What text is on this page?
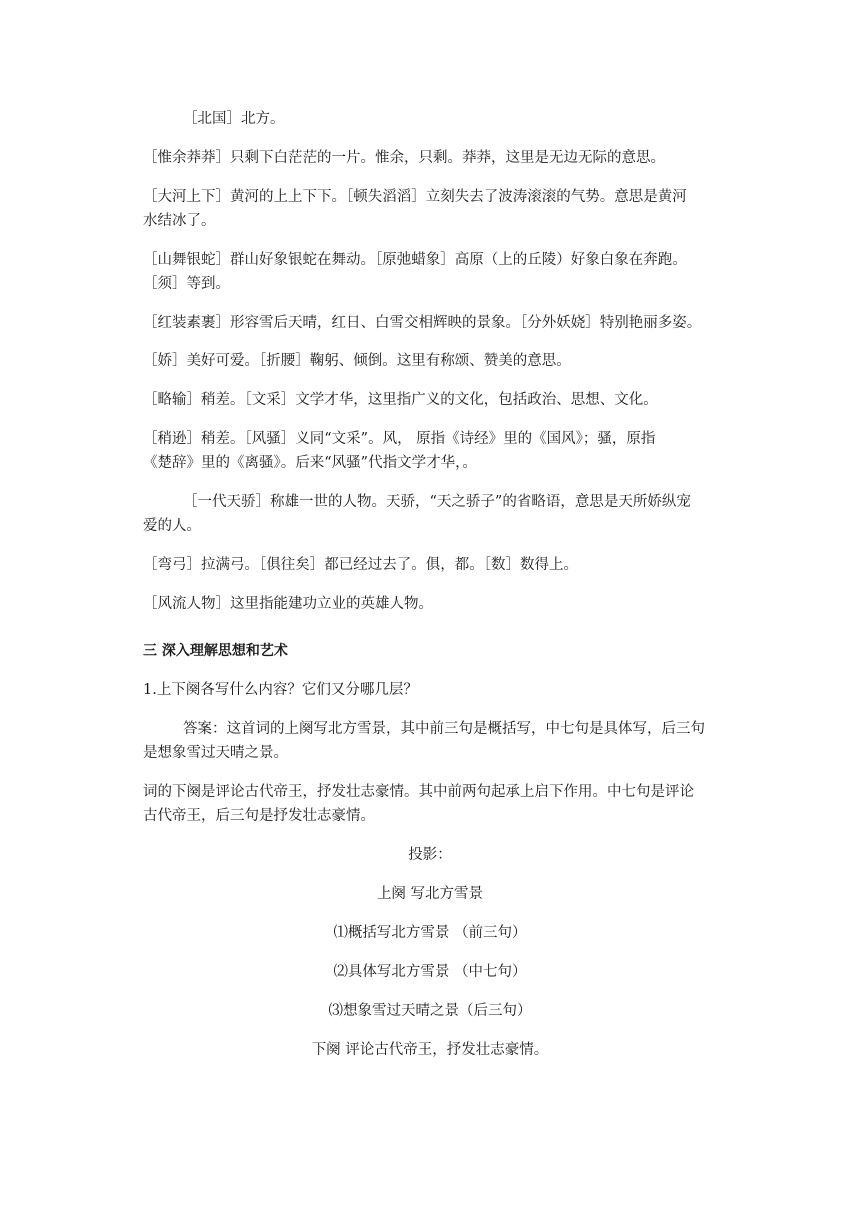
［北国］北方。
［惟余莽莽］只剩下白茫茫的一片。惟余，只剩。莽莽，这里是无边无际的意思。
［大河上下］黄河的上上下下。［顿失滔滔］立刻失去了波涛滚滚的气势。意思是黄河
水结冰了。
［山舞银蛇］群山好象银蛇在舞动。［原弛蜡象］高原（上的丘陵）好象白象在奔跑。
［须］等到。
［红装素裹］形容雪后天晴，红日、白雪交相辉映的景象。［分外妖娆］特别艳丽多姿。
［娇］美好可爱。［折腰］鞠躬、倾倒。这里有称颂、赞美的意思。
［略输］稍差。［文采］文学才华，这里指广义的文化，包括政治、思想、文化。
［稍逊］稍差。［风骚］义同“文采”。风， 原指《诗经》里的《国风》；骚，原指
《楚辞》里的《离骚》。后来“风骚”代指文学才华，。
［一代天骄］称雄一世的人物。天骄，“天之骄子”的省略语，意思是天所娇纵宠
爱的人。
［弯弓］拉满弓。［俱往矣］都已经过去了。俱，都。［数］数得上。
［风流人物］这里指能建功立业的英雄人物。
三 深入理解思想和艺术
1.上下阕各写什么内容？它们又分哪几层？
答案：这首词的上阕写北方雪景，其中前三句是概括写，中七句是具体写，后三句
是想象雪过天晴之景。
词的下阕是评论古代帝王，抒发壮志豪情。其中前两句起承上启下作用。中七句是评论
古代帝王，后三句是抒发壮志豪情。
投影：
上阕 写北方雪景
⑴概括写北方雪景 （前三句）
⑵具体写北方雪景 （中七句）
⑶想象雪过天晴之景（后三句）
下阕 评论古代帝王，抒发壮志豪情。
